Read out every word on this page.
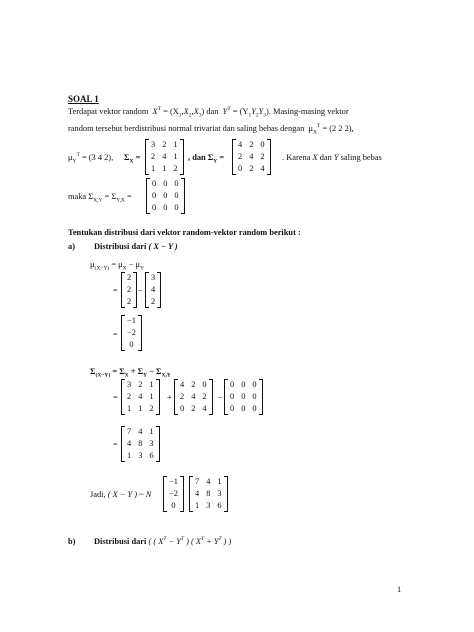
SOAL 1
Terdapat vektor random $X^T = (X_1,X_2,X_3)$ dan $Y^T = (Y_1Y_2Y_3)$. Masing-masing vektor
random tersebut berdistribusi normal trivariat dan saling bebas dengan $\mu_X^T = (2$ 2 2),
$\mu_Y^T = (3$ 4 2), $\Sigma_X$ =
3 2 1
2 4 1
1 1 2
, dan $\Sigma_Y$ =
4 2 0
2 4 2
0 2 4
. Karena X dan Y saling bebas
maka $\Sigma_{X,Y} = \Sigma_{Y,X}$ =
0 0 0
0 0 0
0 0 0
Tentukan distribusi dari vektor random-vektor random berikut :
a) Distribusi dari ( X − Y )
$\mu_{(X-Y)} = \mu_X - \mu_Y$
=
2
2
2
−
3
4
2
=
−1
−2
0
$\Sigma_{(X-Y)} = \Sigma_X + \Sigma_Y - \Sigma_{X,Y}$
=
3 2 1
2 4 1
1 1 2
+
4 2 0
2 4 2
0 2 4
−
0 0 0
0 0 0
0 0 0
=
7 4 1
4 8 3
1 3 6
Jadi, ( X − Y ) ~ N
−1
−2
0
7 4 1
4 8 3
1 3 6
b) Distribusi dari ( ( $X^T - Y^T$ ) ( $X^T + Y^T$ ) )
1
